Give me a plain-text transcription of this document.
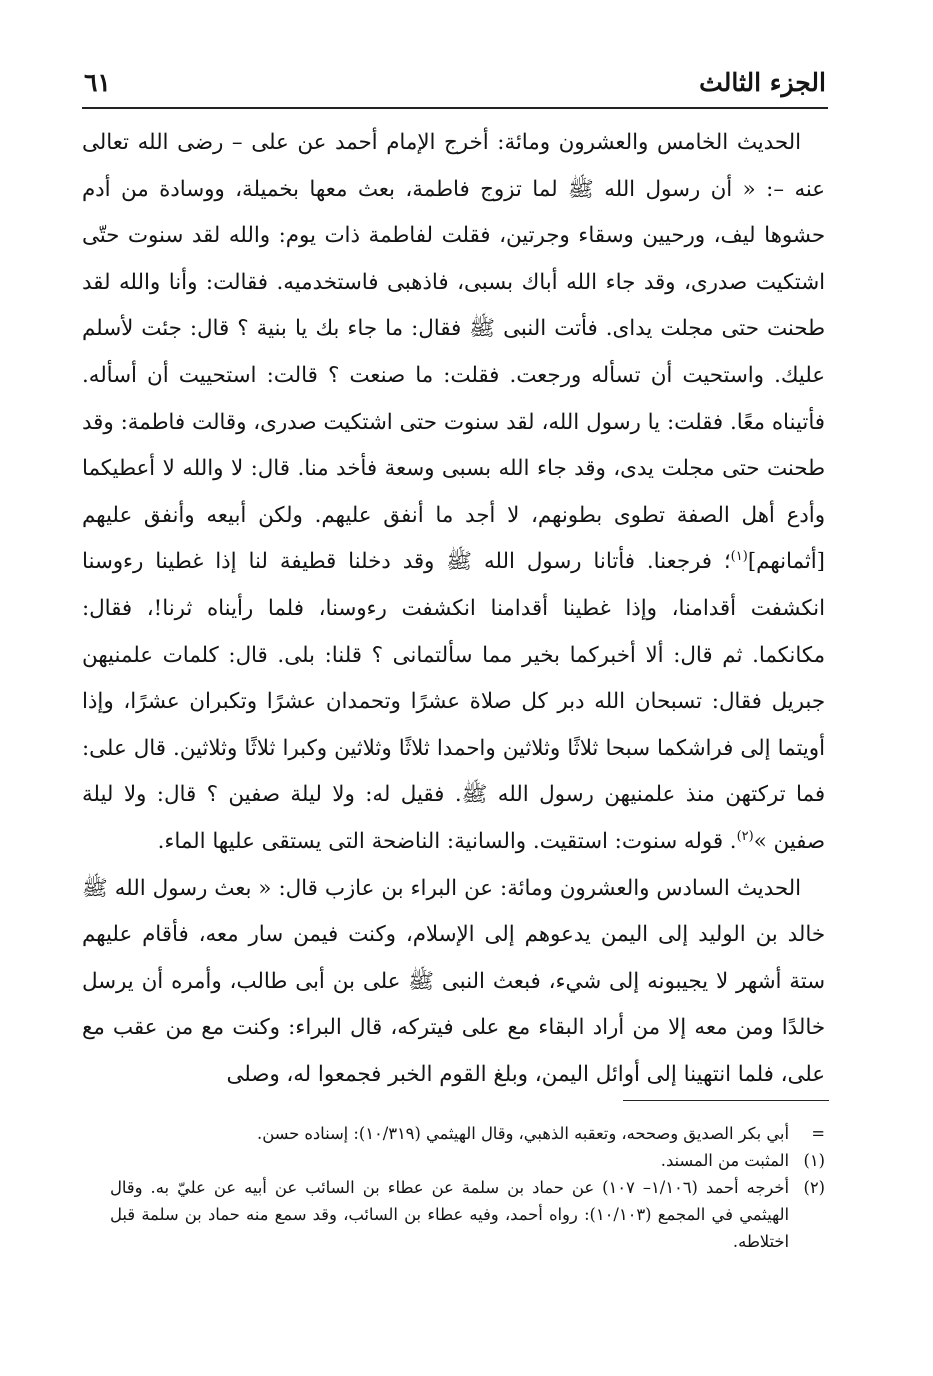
الجزء الثالث
٦١

الحديث الخامس والعشرون ومائة: أخرج الإمام أحمد عن على – رضى الله تعالى عنه –: « أن رسول الله ﷺ لما تزوج فاطمة، بعث معها بخميلة، ووسادة من أدم حشوها ليف، ورحيين وسقاء وجرتين، فقلت لفاطمة ذات يوم: والله لقد سنوت حتّى اشتكيت صدرى، وقد جاء الله أباك بسبى، فاذهبى فاستخدميه. فقالت: وأنا والله لقد طحنت حتى مجلت يداى. فأتت النبى ﷺ فقال: ما جاء بك يا بنية ؟ قال: جئت لأسلم عليك. واستحيت أن تسأله ورجعت. فقلت: ما صنعت ؟ قالت: استحييت أن أسأله. فأتيناه معًا. فقلت: يا رسول الله، لقد سنوت حتى اشتكيت صدرى، وقالت فاطمة: وقد طحنت حتى مجلت يدى، وقد جاء الله بسبى وسعة فأخد منا. قال: لا والله لا أعطيكما وأدع أهل الصفة تطوى بطونهم، لا أجد ما أنفق عليهم. ولكن أبيعه وأنفق عليهم [أثمانهم]$^{(١)}$؛ فرجعنا. فأتانا رسول الله ﷺ وقد دخلنا قطيفة لنا إذا غطينا رءوسنا انكشفت أقدامنا، وإذا غطينا أقدامنا انكشفت رءوسنا، فلما رأيناه ثرنا!، فقال: مكانكما. ثم قال: ألا أخبركما بخير مما سألتمانى ؟ قلنا: بلى. قال: كلمات علمنيهن جبريل فقال: تسبحان الله دبر كل صلاة عشرًا وتحمدان عشرًا وتكبران عشرًا، وإذا أويتما إلى فراشكما سبحا ثلاثًا وثلاثين واحمدا ثلاثًا وثلاثين وكبرا ثلاثًا وثلاثين. قال على: فما تركتهن منذ علمنيهن رسول الله ﷺ. فقيل له: ولا ليلة صفين ؟ قال: ولا ليلة صفين »$^{(٢)}$. قوله سنوت: استقيت. والسانية: الناضحة التى يستقى عليها الماء.

الحديث السادس والعشرون ومائة: عن البراء بن عازب قال: « بعث رسول الله ﷺ خالد بن الوليد إلى اليمن يدعوهم إلى الإسلام، وكنت فيمن سار معه، فأقام عليهم ستة أشهر لا يجيبونه إلى شيء، فبعث النبى ﷺ على بن أبى طالب، وأمره أن يرسل خالدًا ومن معه إلا من أراد البقاء مع على فيتركه، قال البراء: وكنت مع من عقب مع على، فلما انتهينا إلى أوائل اليمن، وبلغ القوم الخبر فجمعوا له، وصلى

=
أبي بكر الصديق وصححه، وتعقبه الذهبي، وقال الهيثمي (١٠/٣١٩): إسناده حسن.
(١)
المثبت من المسند.
(٢)
أخرجه أحمد (١/١٠٦– ١٠٧) عن حماد بن سلمة عن عطاء بن السائب عن أبيه عن عليّ به. وقال الهيثمي في المجمع (١٠/١٠٣): رواه أحمد، وفيه عطاء بن السائب، وقد سمع منه حماد بن سلمة قبل اختلاطه.
